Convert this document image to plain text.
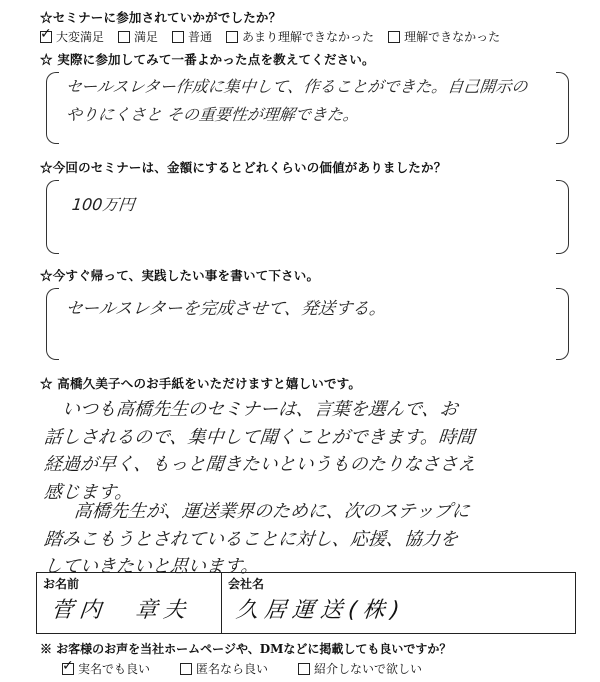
☆セミナーに参加されていかがでしたか？
✓
大変満足	満足	普通	あまり理解できなかった	理解できなかった
☆ 実際に参加してみて一番よかった点を教えてください。
セールスレター作成に集中して、作ることができた。自己開示の
やりにくさと その重要性が理解できた。
☆今回のセミナーは、金額にするとどれくらいの価値がありましたか？
100万円
☆今すぐ帰って、実践したい事を書いて下さい。
セールスレターを完成させて、発送する。
☆ 高橋久美子へのお手紙をいただけますと嬉しいです。
いつも高橋先生のセミナーは、言葉を選んで、お
話しされるので、集中して聞くことができます。時間
経過が早く、もっと聞きたいというものたりなささえ
感じます。
高橋先生が、運送業界のために、次のステップに
踏みこもうとされていることに対し、応援、協力を
していきたいと思います。
お名前
菅内　章夫

会社名
久居運送(株)
※ お客様のお声を当社ホームページや、DMなどに掲載しても良いですか？
✓
実名でも良い	匿名なら良い	紹介しないで欲しい
